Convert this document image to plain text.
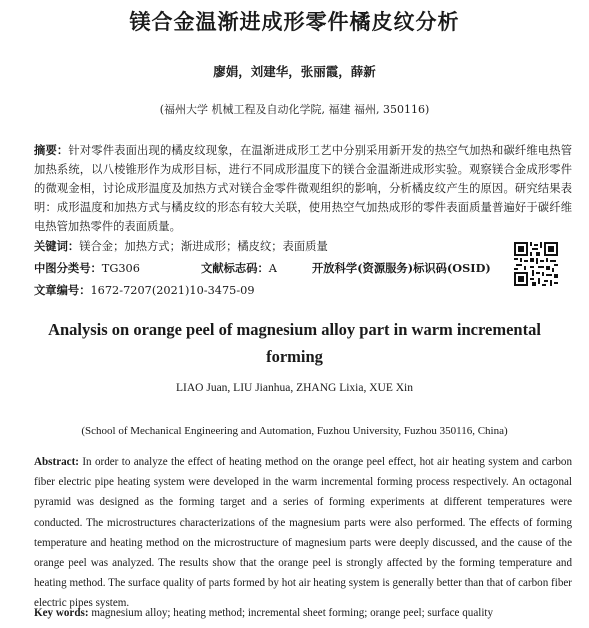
镁合金温渐进成形零件橘皮纹分析
廖娟，刘建华，张丽霞，薛新
(福州大学 机械工程及自动化学院, 福建 福州, 350116)
摘要：针对零件表面出现的橘皮纹现象，在温渐进成形工艺中分别采用新开发的热空气加热和碳纤维电热管加热系统，以八棱锥形作为成形目标，进行不同成形温度下的镁合金温渐进成形实验。观察镁合金成形零件的微观金相，讨论成形温度及加热方式对镁合金零件微观组织的影响，分析橘皮纹产生的原因。研究结果表明：成形温度和加热方式与橘皮纹的形态有较大关联，使用热空气加热成形的零件表面质量普遍好于碳纤维电热管加热零件的表面质量。
关键词：镁合金；加热方式；渐进成形；橘皮纹；表面质量
中图分类号：TG306	文献标志码：A	开放科学(资源服务)标识码(OSID)
文章编号：1672-7207(2021)10-3475-09
Analysis on orange peel of magnesium alloy part in warm incremental forming
LIAO Juan, LIU Jianhua, ZHANG Lixia, XUE Xin
(School of Mechanical Engineering and Automation, Fuzhou University, Fuzhou 350116, China)
Abstract: In order to analyze the effect of heating method on the orange peel effect, hot air heating system and carbon fiber electric pipe heating system were developed in the warm incremental forming process respectively. An octagonal pyramid was designed as the forming target and a series of forming experiments at different temperatures were conducted. The microstructures characterizations of the magnesium parts were also performed. The effects of forming temperature and heating method on the microstructure of magnesium parts were deeply discussed, and the cause of the orange peel was analyzed. The results show that the orange peel is strongly affected by the forming temperature and heating method. The surface quality of parts formed by hot air heating system is generally better than that of carbon fiber electric pipes system.
Key words: magnesium alloy; heating method; incremental sheet forming; orange peel; surface quality
